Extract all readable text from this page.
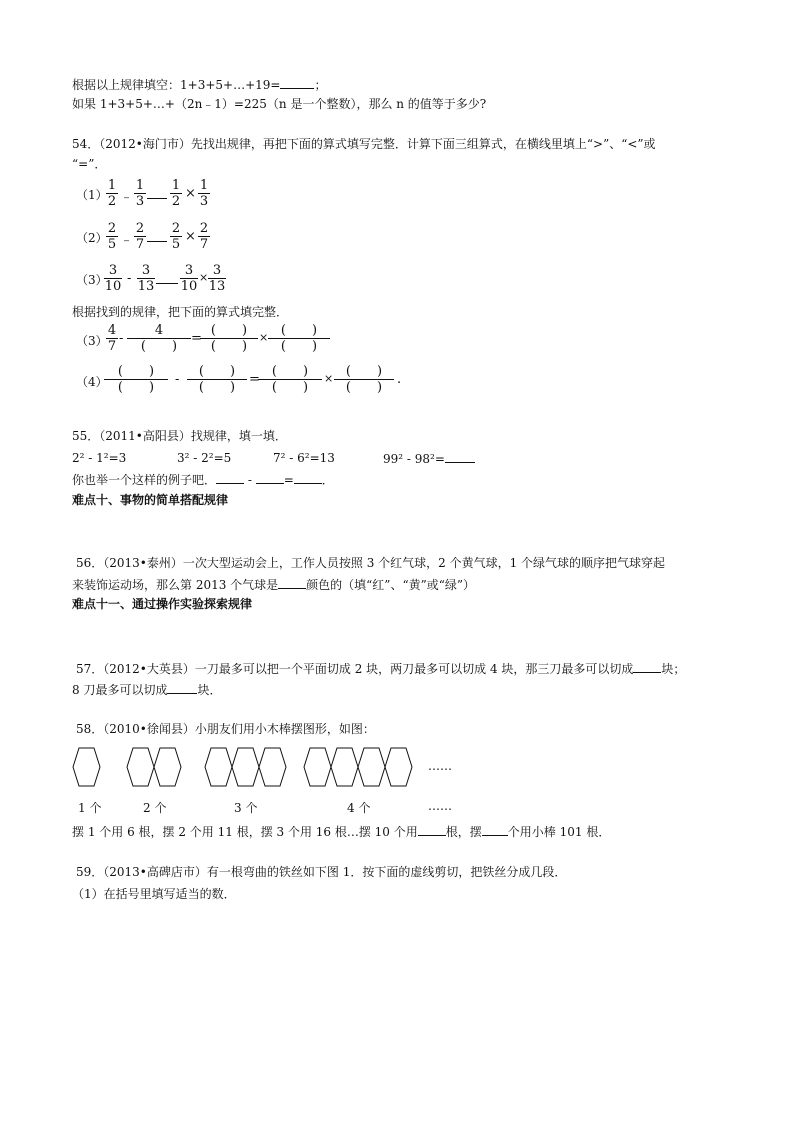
根据以上规律填空：1+3+5+…+19=	；
如果 1+3+5+…+（2n﹣1）=225（n 是一个整数），那么 n 的值等于多少?
54．（2012•海门市）先找出规律，再把下面的算式填写完整．计算下面三组算式，在横线里填上“>”、“<”或
“=”．
（1）
$\frac{1}{2}$ ﹣ $\frac{1}{3} \frac{1}{2} \times \frac{1}{3}$
（2）
$\frac{2}{5}$ ﹣ $\frac{2}{7} \frac{2}{5} \times \frac{2}{7}$
（3）
$\frac{3}{10} - \frac{3}{13} \frac{3}{10} \times \frac{3}{13}$
根据找到的规律，把下面的算式填完整．
（3）
$\frac{4}{7}$ -
4
(　　)
=
(　　)
(　　)
× (　　)
(　　)
（4）
(　　)
(　　)
-
(　　)
(　　)
=
(　　)
(　　)
× (　　)
(　　)
.
55．（2011•高阳县）找规律，填一填．
2² - 1²=3	3² - 2²=5	7² - 6²=13	99² - 98²=
你也举一个这样的例子吧．	-	= ．
难点十、事物的简单搭配规律
56．（2013•泰州）一次大型运动会上，工作人员按照 3 个红气球，2 个黄气球，1 个绿气球的顺序把气球穿起
来装饰运动场，那么第 2013 个气球是 颜色的（填“红”、“黄”或“绿”）
难点十一、通过操作实验探索规律
57．（2012•大英县）一刀最多可以把一个平面切成 2 块，两刀最多可以切成 4 块，那三刀最多可以切成 块；
8 刀最多可以切成	块．
58．（2010•徐闻县）小朋友们用小木棒摆图形，如图：
……
1 个	2 个	3 个	4 个	……
摆 1 个用 6 根，摆 2 个用 11 根，摆 3 个用 16 根…摆 10 个用 根，摆 个用小棒 101 根．
59．（2013•高碑店市）有一根弯曲的铁丝如下图 1．按下面的虚线剪切，把铁丝分成几段．
（1）在括号里填写适当的数．
